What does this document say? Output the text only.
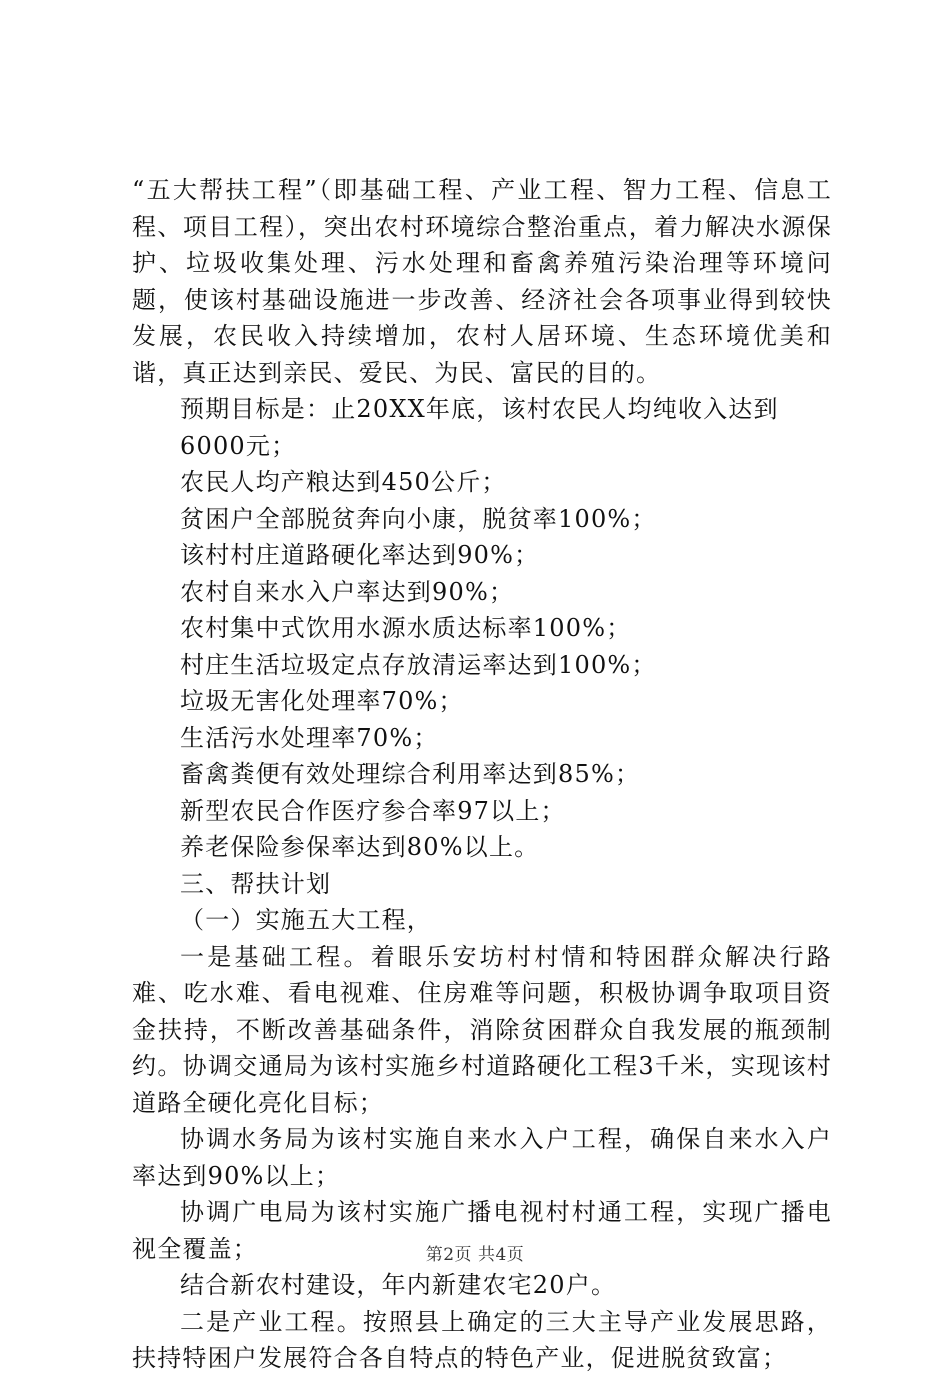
“五大帮扶工程”（即基础工程、产业工程、智力工程、信息工程、项目工程），突出农村环境综合整治重点，着力解决水源保护、垃圾收集处理、污水处理和畜禽养殖污染治理等环境问题，使该村基础设施进一步改善、经济社会各项事业得到较快发展，农民收入持续增加，农村人居环境、生态环境优美和谐，真正达到亲民、爱民、为民、富民的目的。

预期目标是：止20XX年底，该村农民人均纯收入达到

6000元；

农民人均产粮达到450公斤；

贫困户全部脱贫奔向小康，脱贫率100%；

该村村庄道路硬化率达到90%；

农村自来水入户率达到90%；

农村集中式饮用水源水质达标率100%；

村庄生活垃圾定点存放清运率达到100%；

垃圾无害化处理率70%；

生活污水处理率70%；

畜禽粪便有效处理综合利用率达到85%；

新型农民合作医疗参合率97以上；

养老保险参保率达到80%以上。

三、帮扶计划

（一）实施五大工程，

一是基础工程。着眼乐安坊村村情和特困群众解决行路难、吃水难、看电视难、住房难等问题，积极协调争取项目资金扶持，不断改善基础条件，消除贫困群众自我发展的瓶颈制约。协调交通局为该村实施乡村道路硬化工程3千米，实现该村道路全硬化亮化目标；

协调水务局为该村实施自来水入户工程，确保自来水入户率达到90%以上；

协调广电局为该村实施广播电视村村通工程，实现广播电视全覆盖；

结合新农村建设，年内新建农宅20户。

二是产业工程。按照县上确定的三大主导产业发展思路，扶持特困户发展符合各自特点的特色产业，促进脱贫致富；

第2页 共4页
